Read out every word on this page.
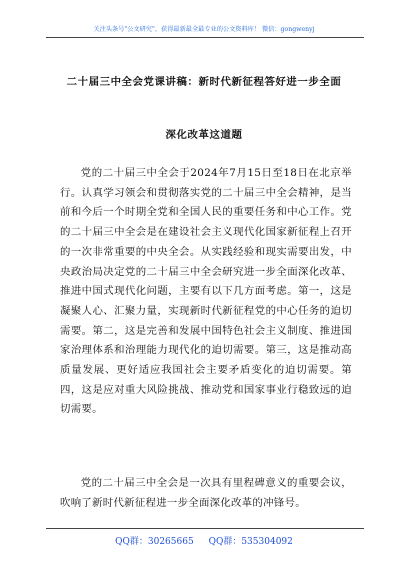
关注头条号"公文研究"，获得最新最全最专业的公文资料库！ 微信：gongwenyj
二十届三中全会党课讲稿：新时代新征程答好进一步全面
深化改革这道题

党的二十届三中全会于2024年7月15日至18日在北京举行。认真学习领会和贯彻落实党的二十届三中全会精神，是当前和今后一个时期全党和全国人民的重要任务和中心工作。党的二十届三中全会是在建设社会主义现代化国家新征程上召开的一次非常重要的中央全会。从实践经验和现实需要出发，中央政治局决定党的二十届三中全会研究进一步全面深化改革、推进中国式现代化问题，主要有以下几方面考虑。第一，这是凝聚人心、汇聚力量，实现新时代新征程党的中心任务的迫切需要。第二，这是完善和发展中国特色社会主义制度、推进国家治理体系和治理能力现代化的迫切需要。第三，这是推动高质量发展、更好适应我国社会主要矛盾变化的迫切需要。第四，这是应对重大风险挑战、推动党和国家事业行稳致远的迫切需要。

党的二十届三中全会是一次具有里程碑意义的重要会议，吹响了新时代新征程进一步全面深化改革的冲锋号。

QQ群：30265665 QQ群：535304092
